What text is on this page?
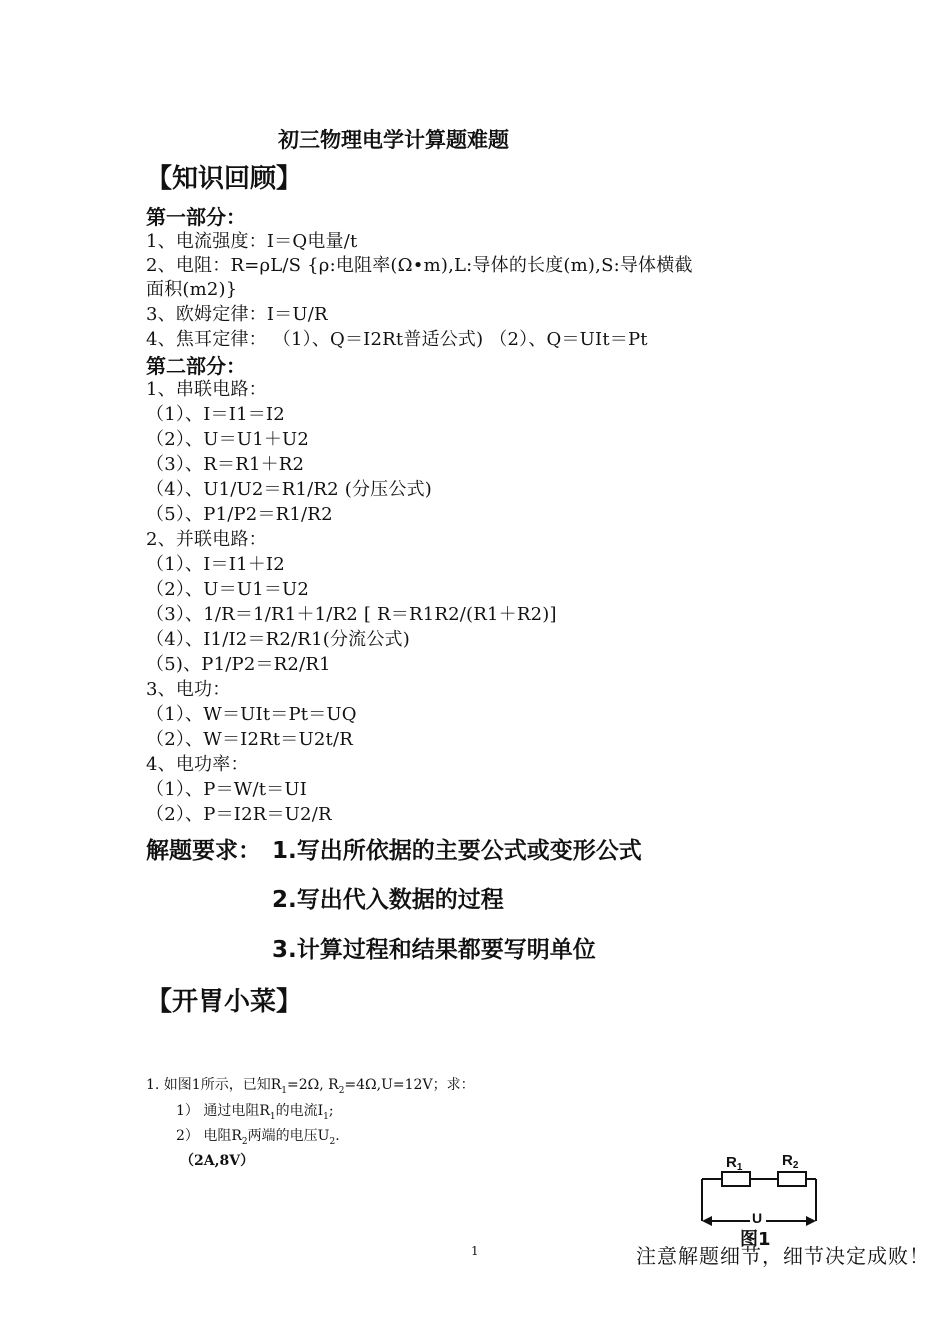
初三物理电学计算题难题
【知识回顾】
第一部分：
1、电流强度：I＝Q电量/t
2、电阻：R=ρL/S {ρ:电阻率(Ω•m),L:导体的长度(m),S:导体横截
面积(m2)}
3、欧姆定律：I＝U/R
4、焦耳定律： （1）、Q＝I2Rt普适公式) （2）、Q＝UIt＝Pt
第二部分：
1、串联电路：
（1）、I＝I1＝I2
（2）、U＝U1＋U2
（3）、R＝R1＋R2
（4）、U1/U2＝R1/R2 (分压公式)
（5）、P1/P2＝R1/R2
2、并联电路：
（1）、I＝I1＋I2
（2）、U＝U1＝U2
（3）、1/R＝1/R1＋1/R2 [ R＝R1R2/(R1＋R2)]
（4）、I1/I2＝R2/R1(分流公式)
（5)、P1/P2＝R2/R1
3、电功：
（1）、W＝UIt＝Pt＝UQ
（2）、W＝I2Rt＝U2t/R
4、电功率：
（1）、P＝W/t＝UI
（2）、P＝I2R＝U2/R
解题要求： 1.写出所依据的主要公式或变形公式
2.写出代入数据的过程
3.计算过程和结果都要写明单位
【开胃小菜】
1. 如图1所示，已知$R_1=2\Omega$, $R_2=4\Omega,U=12V$；求：
1） 通过电阻$R_1$的电流$I_1$;
2） 电阻$R_2$两端的电压$U_2$.
（2A,8V）	$R_1$	$R_2$
U
图1
1	注意解题细节，细节决定成败！
